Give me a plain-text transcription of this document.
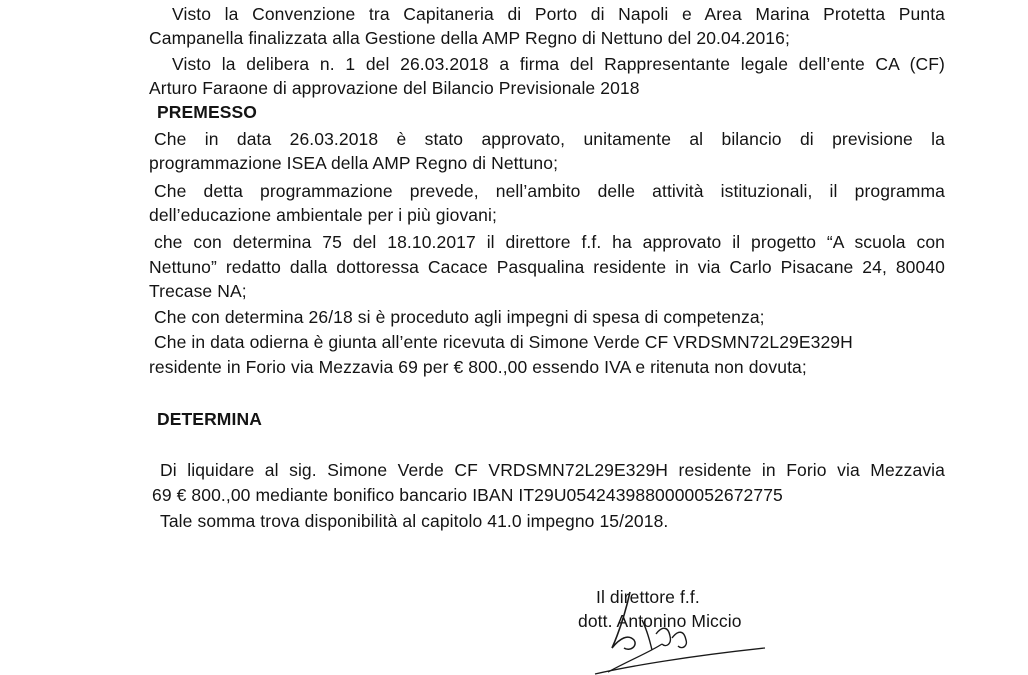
Visto la Convenzione tra Capitaneria di Porto di Napoli e Area Marina Protetta Punta
Campanella finalizzata alla Gestione della AMP Regno di Nettuno del 20.04.2016;
Visto la delibera n. 1 del 26.03.2018 a firma del Rappresentante legale dell’ente CA (CF)
Arturo Faraone di approvazione del Bilancio Previsionale 2018
PREMESSO
Che in data 26.03.2018 è stato approvato, unitamente al bilancio di previsione la
programmazione ISEA della AMP Regno di Nettuno;
Che detta programmazione prevede, nell’ambito delle attività istituzionali, il programma
dell’educazione ambientale per i più giovani;
che con determina 75 del 18.10.2017 il direttore f.f. ha approvato il progetto “A scuola con
Nettuno” redatto dalla dottoressa Cacace Pasqualina residente in via Carlo Pisacane 24, 80040
Trecase NA;
Che con determina 26/18 si è proceduto agli impegni di spesa di competenza;
Che in data odierna è giunta all’ente ricevuta di Simone Verde CF VRDSMN72L29E329H
residente in Forio via Mezzavia 69 per € 800.,00 essendo IVA e ritenuta non dovuta;
DETERMINA
Di liquidare al sig. Simone Verde CF VRDSMN72L29E329H residente in Forio via Mezzavia
69 € 800.,00 mediante bonifico bancario IBAN IT29U0542439880000052672775
Tale somma trova disponibilità al capitolo 41.0 impegno 15/2018.
Il direttore f.f.
dott. Antonino Miccio
